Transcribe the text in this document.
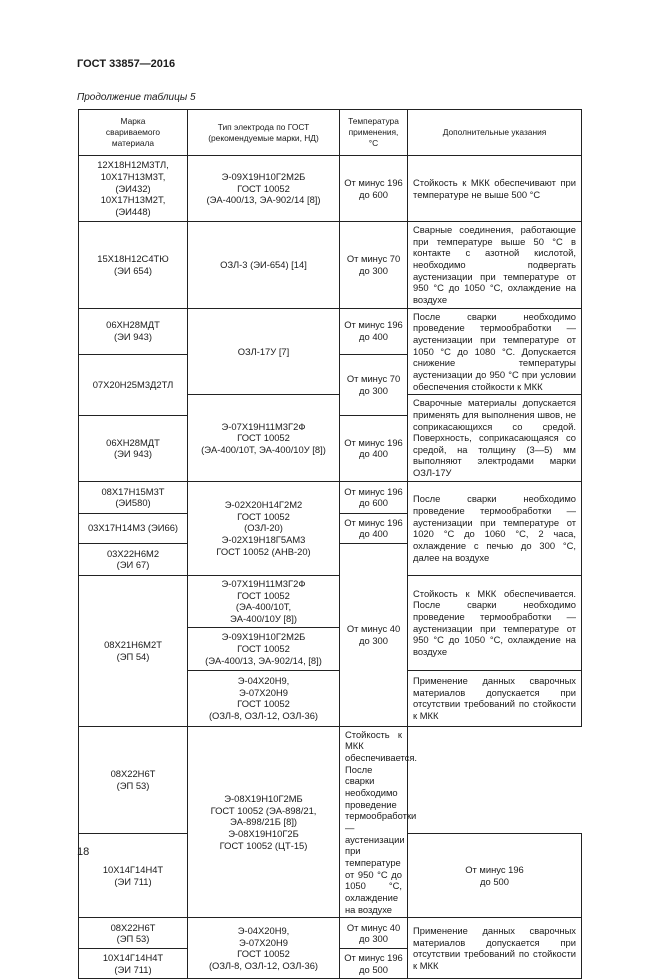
ГОСТ 33857—2016
Продолжение таблицы 5
Марка
свариваемого
материала	Тип электрода по ГОСТ
(рекомендуемые марки, НД)	Температура
применения,
°С	Дополнительные указания
12Х18Н12М3ТЛ,
10Х17Н13М3Т,
(ЭИ432)
10Х17Н13М2Т,
(ЭИ448)	Э-09Х19Н10Г2М2Б
ГОСТ 10052
(ЭА-400/13, ЭА-902/14 [8])	От минус 196
до 600	Стойкость к МКК обеспечивают при температуре не выше 500 °С
15Х18Н12С4ТЮ
(ЭИ 654)	ОЗЛ-3 (ЭИ-654) [14]	От минус 70
до 300	Сварные соединения, работающие при температуре выше 50 °С в контакте с азотной кислотой, необходимо подвергать аустенизации при температуре от 950 °С до 1050 °С, охлаждение на воздухе
06ХН28МДТ
(ЭИ 943)	ОЗЛ-17У [7]	От минус 196
до 400	После сварки необходимо проведение термообработки — аустенизации при температуре от 1050 °С до 1080 °С. Допускается снижение температуры аустенизации до 950 °С при условии обеспечения стойкости к МКК
07Х20Н25М3Д2ТЛ		От минус 70
до 300	
	Э-07Х19Н11М3Г2Ф
ГОСТ 10052
(ЭА-400/10Т, ЭА-400/10У [8])		Сварочные материалы допускается применять для выполнения швов, не соприкасающихся со средой. Поверхность, соприкасающаяся со средой, на толщину (3—5) мм выполняют электродами марки ОЗЛ-17У
06ХН28МДТ
(ЭИ 943)		От минус 196
до 400	
08Х17Н15М3Т
(ЭИ580)	Э-02Х20Н14Г2М2
ГОСТ 10052
(ОЗЛ-20)
Э-02Х19Н18Г5АМ3
ГОСТ 10052 (АНВ-20)	От минус 196
до 600	После сварки необходимо проведение термообработки — аустенизации при температуре от 1020 °С до 1060 °С, 2 часа, охлаждение с печью до 300 °С, далее на воздухе
03Х17Н14М3 (ЭИ66)		От минус 196
до 400	
03Х22Н6М2
(ЭИ 67)		От минус 40
до 300	
08Х21Н6М2Т
(ЭП 54)	Э-07Х19Н11М3Г2Ф
ГОСТ 10052
(ЭА-400/10Т,
ЭА-400/10У [8])		Стойкость к МКК обеспечивается. После сварки необходимо проведение термообработки — аустенизации при температуре от 950 °С до 1050 °С, охлаждение на воздухе
	Э-09Х19Н10Г2М2Б
ГОСТ 10052
(ЭА-400/13, ЭА-902/14, [8])		
	Э-04Х20Н9,
Э-07Х20Н9
ГОСТ 10052
(ОЗЛ-8, ОЗЛ-12, ОЗЛ-36)		Применение данных сварочных материалов допускается при отсутствии требований по стойкости к МКК
08Х22Н6Т
(ЭП 53)	Э-08Х19Н10Г2МБ
ГОСТ 10052 (ЭА-898/21,
ЭА-898/21Б [8])
Э-08Х19Н10Г2Б
ГОСТ 10052 (ЦТ-15)	Стойкость к МКК обеспечивается. После сварки необходимо проведение термообработки — аустенизации при температуре от 950 °С до 1050 °С, охлаждение на воздухе	
10Х14Г14Н4Т
(ЭИ 711)			От минус 196
до 500
08Х22Н6Т
(ЭП 53)	Э-04Х20Н9,
Э-07Х20Н9
ГОСТ 10052
(ОЗЛ-8, ОЗЛ-12, ОЗЛ-36)	От минус 40
до 300	Применение данных сварочных материалов допускается при отсутствии требований по стойкости к МКК
10Х14Г14Н4Т
(ЭИ 711)		От минус 196
до 500	
18
